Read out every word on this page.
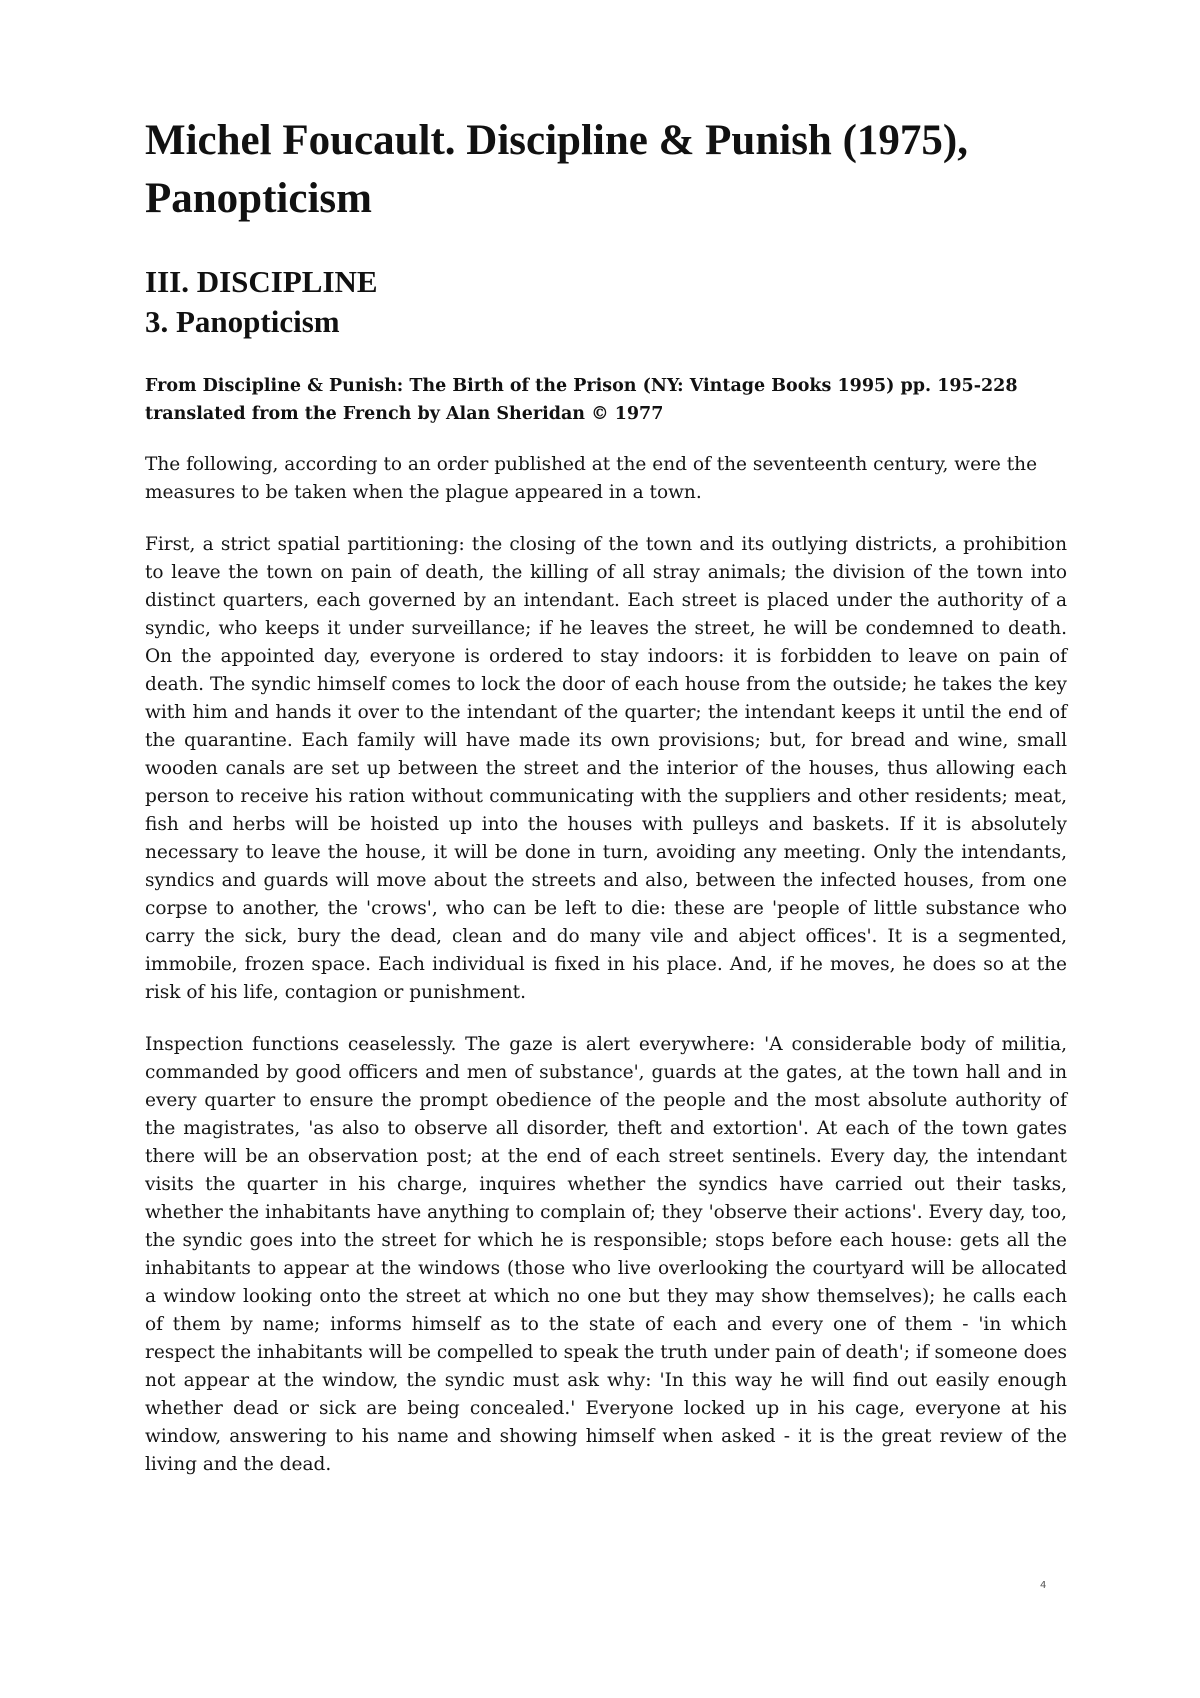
Michel Foucault. Discipline & Punish (1975), Panopticism
III. DISCIPLINE
3. Panopticism

From Discipline & Punish: The Birth of the Prison (NY: Vintage Books 1995) pp. 195-228 translated from the French by Alan Sheridan © 1977

The following, according to an order published at the end of the seventeenth century, were the measures to be taken when the plague appeared in a town.

First, a strict spatial partitioning: the closing of the town and its outlying districts, a prohibition to leave the town on pain of death, the killing of all stray animals; the division of the town into distinct quarters, each governed by an intendant. Each street is placed under the authority of a syndic, who keeps it under surveillance; if he leaves the street, he will be condemned to death. On the appointed day, everyone is ordered to stay indoors: it is forbidden to leave on pain of death. The syndic himself comes to lock the door of each house from the outside; he takes the key with him and hands it over to the intendant of the quarter; the intendant keeps it until the end of the quarantine. Each family will have made its own provisions; but, for bread and wine, small wooden canals are set up between the street and the interior of the houses, thus allowing each person to receive his ration without communicating with the suppliers and other residents; meat, fish and herbs will be hoisted up into the houses with pulleys and baskets. If it is absolutely necessary to leave the house, it will be done in turn, avoiding any meeting. Only the intendants, syndics and guards will move about the streets and also, between the infected houses, from one corpse to another, the 'crows', who can be left to die: these are 'people of little substance who carry the sick, bury the dead, clean and do many vile and abject offices'. It is a segmented, immobile, frozen space. Each individual is fixed in his place. And, if he moves, he does so at the risk of his life, contagion or punishment.

Inspection functions ceaselessly. The gaze is alert everywhere: 'A considerable body of militia, commanded by good officers and men of substance', guards at the gates, at the town hall and in every quarter to ensure the prompt obedience of the people and the most absolute authority of the magistrates, 'as also to observe all disorder, theft and extortion'. At each of the town gates there will be an observation post; at the end of each street sentinels. Every day, the intendant visits the quarter in his charge, inquires whether the syndics have carried out their tasks, whether the inhabitants have anything to complain of; they 'observe their actions'. Every day, too, the syndic goes into the street for which he is responsible; stops before each house: gets all the inhabitants to appear at the windows (those who live overlooking the courtyard will be allocated a window looking onto the street at which no one but they may show themselves); he calls each of them by name; informs himself as to the state of each and every one of them - 'in which respect the inhabitants will be compelled to speak the truth under pain of death'; if someone does not appear at the window, the syndic must ask why: 'In this way he will find out easily enough whether dead or sick are being concealed.' Everyone locked up in his cage, everyone at his window, answering to his name and showing himself when asked - it is the great review of the living and the dead.

4
